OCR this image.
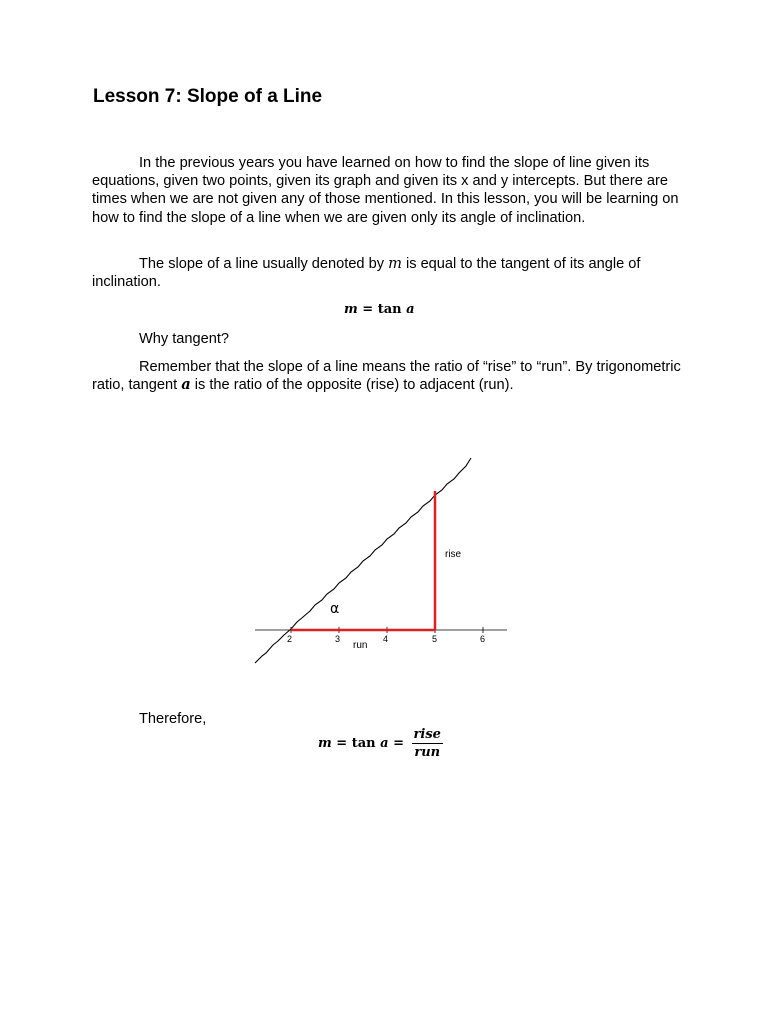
Lesson 7: Slope of a Line

In the previous years you have learned on how to find the slope of line given its equations, given two points, given its graph and given its x and y intercepts. But there are times when we are not given any of those mentioned. In this lesson, you will be learning on how to find the slope of a line when we are given only its angle of inclination.

The slope of a line usually denoted by m is equal to the tangent of its angle of inclination.

m = tan a

Why tangent?

Remember that the slope of a line means the ratio of “rise” to “run”. By trigonometric ratio, tangent a is the ratio of the opposite (rise) to adjacent (run).

2	3	4	5	6
rise
run
α

Therefore,

$m = \tan a = \frac{\text{rise}}{\text{run}}$
